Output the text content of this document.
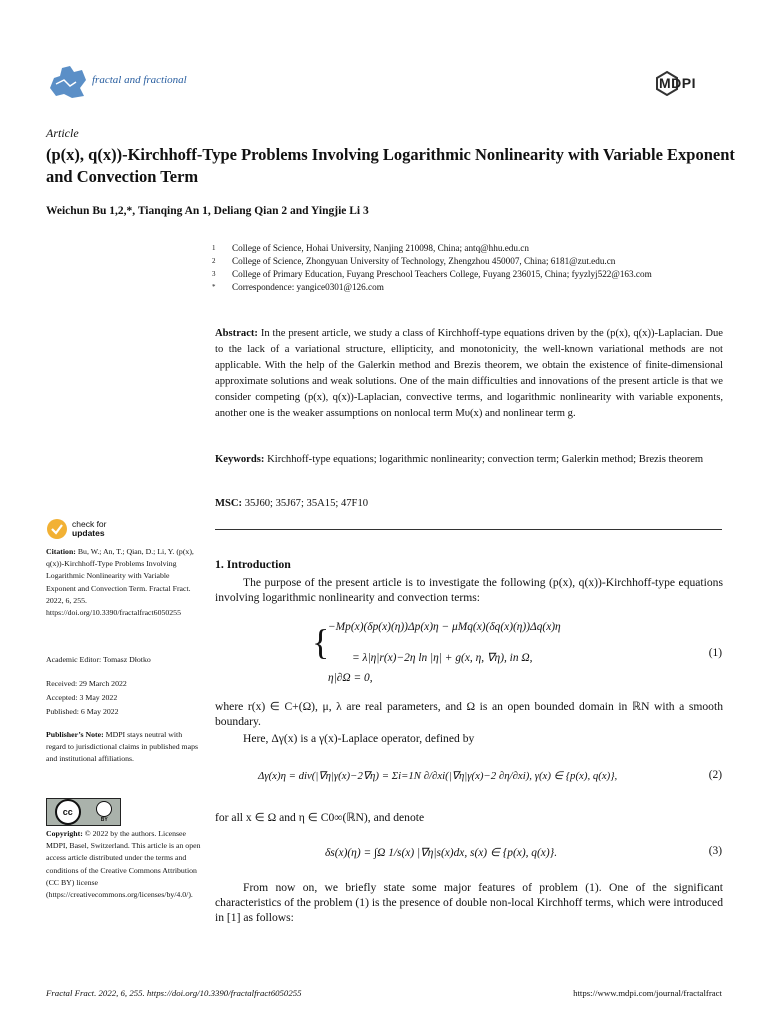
fractal and fractional	MDPI
Article
(p(x), q(x))-Kirchhoff-Type Problems Involving Logarithmic Nonlinearity with Variable Exponent and Convection Term
Weichun Bu 1,2,*, Tianqing An 1, Deliang Qian 2 and Yingjie Li 3
1	College of Science, Hohai University, Nanjing 210098, China; antq@hhu.edu.cn
2	College of Science, Zhongyuan University of Technology, Zhengzhou 450007, China; 6181@zut.edu.cn
3	College of Primary Education, Fuyang Preschool Teachers College, Fuyang 236015, China; fyyzlyj522@163.com
*	Correspondence: yangice0301@126.com
Abstract: In the present article, we study a class of Kirchhoff-type equations driven by the (p(x), q(x))-Laplacian. Due to the lack of a variational structure, ellipticity, and monotonicity, the well-known variational methods are not applicable. With the help of the Galerkin method and Brezis theorem, we obtain the existence of finite-dimensional approximate solutions and weak solutions. One of the main difficulties and innovations of the present article is that we consider competing (p(x), q(x))-Laplacian, convective terms, and logarithmic nonlinearity with variable exponents, another one is the weaker assumptions on nonlocal term Mυ(x) and nonlinear term g.
Keywords: Kirchhoff-type equations; logarithmic nonlinearity; convection term; Galerkin method; Brezis theorem
MSC: 35J60; 35J67; 35A15; 47F10
check for
updates
Citation: Bu, W.; An, T.; Qian, D.; Li, Y. (p(x), q(x))-Kirchhoff-Type Problems Involving Logarithmic Nonlinearity with Variable Exponent and Convection Term. Fractal Fract. 2022, 6, 255. https://doi.org/10.3390/fractalfract6050255
Academic Editor: Tomasz Dłotko
Received: 29 March 2022
Accepted: 3 May 2022
Published: 6 May 2022
Publisher’s Note: MDPI stays neutral with regard to jurisdictional claims in published maps and institutional affiliations.
cc
BY
Copyright: © 2022 by the authors. Licensee MDPI, Basel, Switzerland. This article is an open access article distributed under the terms and conditions of the Creative Commons Attribution (CC BY) license (https://creativecommons.org/licenses/by/4.0/).
1. Introduction
The purpose of the present article is to investigate the following (p(x), q(x))-Kirchhoff-type equations involving logarithmic nonlinearity and convection terms:
{
−Mp(x)(δp(x)(η))Δp(x)η − μMq(x)(δq(x)(η))Δq(x)η
= λ|η|r(x)−2η ln |η| + g(x, η, ∇η), in Ω,
η|∂Ω = 0,
(1)
where r(x) ∈ C+(Ω), μ, λ are real parameters, and Ω is an open bounded domain in ℝN with a smooth boundary.
Here, Δγ(x) is a γ(x)-Laplace operator, defined by
Δγ(x)η = div(|∇η|γ(x)−2∇η) = Σi=1N ∂/∂xi(|∇η|γ(x)−2 ∂η/∂xi), γ(x) ∈ {p(x), q(x)},	(2)
for all x ∈ Ω and η ∈ C0∞(ℝN), and denote
δs(x)(η) = ∫Ω 1/s(x) |∇η|s(x)dx, s(x) ∈ {p(x), q(x)}.	(3)
From now on, we briefly state some major features of problem (1). One of the significant characteristics of the problem (1) is the presence of double non-local Kirchhoff terms, which were introduced in [1] as follows:
Fractal Fract. 2022, 6, 255. https://doi.org/10.3390/fractalfract6050255	https://www.mdpi.com/journal/fractalfract
